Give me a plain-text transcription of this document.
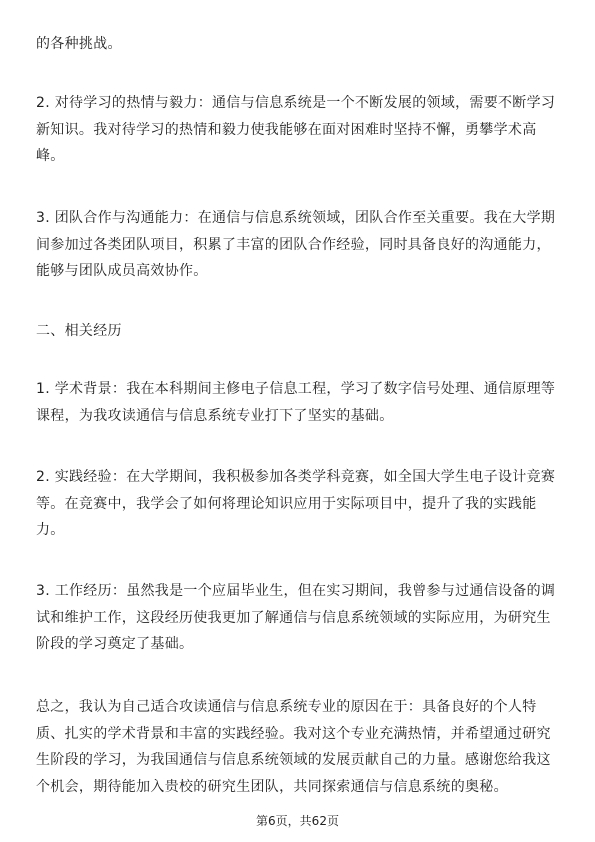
的各种挑战。
2. 对待学习的热情与毅力：通信与信息系统是一个不断发展的领域，需要不断学习
新知识。我对待学习的热情和毅力使我能够在面对困难时坚持不懈，勇攀学术高
峰。
3. 团队合作与沟通能力：在通信与信息系统领域，团队合作至关重要。我在大学期
间参加过各类团队项目，积累了丰富的团队合作经验，同时具备良好的沟通能力，
能够与团队成员高效协作。
二、相关经历
1. 学术背景：我在本科期间主修电子信息工程，学习了数字信号处理、通信原理等
课程，为我攻读通信与信息系统专业打下了坚实的基础。
2. 实践经验：在大学期间，我积极参加各类学科竞赛，如全国大学生电子设计竞赛
等。在竞赛中，我学会了如何将理论知识应用于实际项目中，提升了我的实践能
力。
3. 工作经历：虽然我是一个应届毕业生，但在实习期间，我曾参与过通信设备的调
试和维护工作，这段经历使我更加了解通信与信息系统领域的实际应用，为研究生
阶段的学习奠定了基础。
总之，我认为自己适合攻读通信与信息系统专业的原因在于：具备良好的个人特
质、扎实的学术背景和丰富的实践经验。我对这个专业充满热情，并希望通过研究
生阶段的学习，为我国通信与信息系统领域的发展贡献自己的力量。感谢您给我这
个机会，期待能加入贵校的研究生团队，共同探索通信与信息系统的奥秘。
第6页，共62页
